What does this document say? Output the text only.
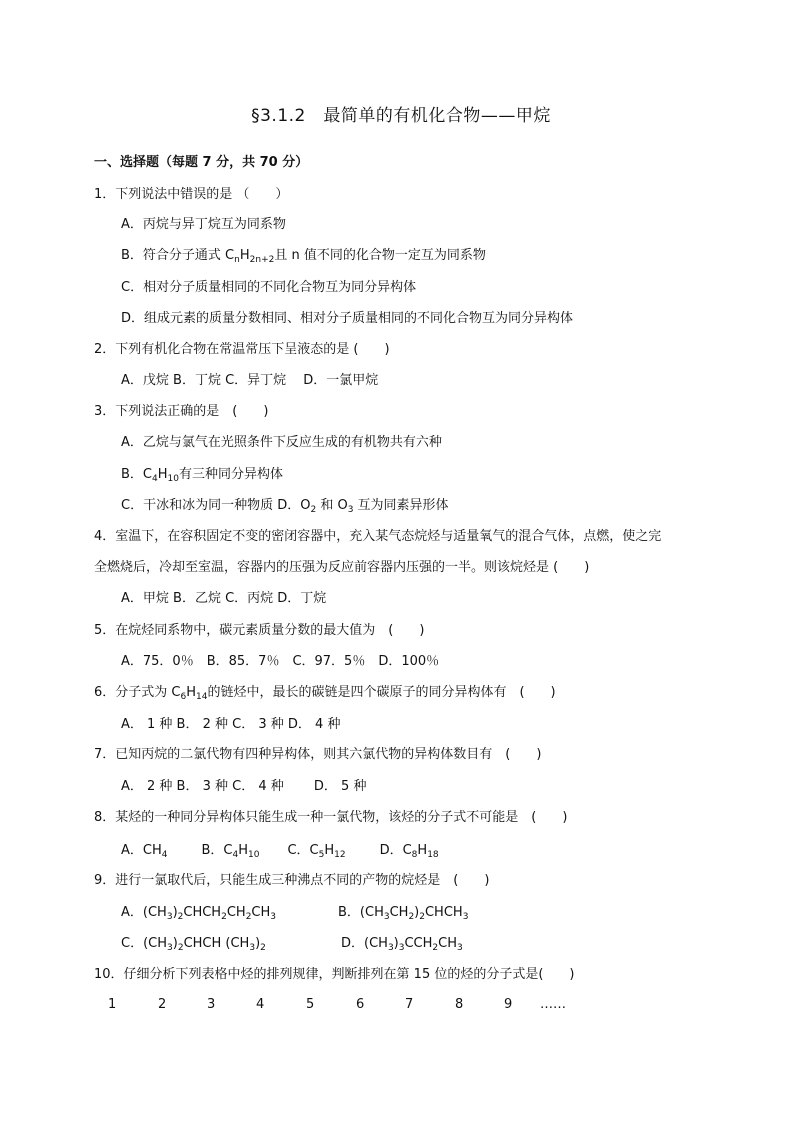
§3.1.2　最简单的有机化合物——甲烷
一、选择题（每题 7 分，共 70 分）
1．下列说法中错误的是 （　　）
A．丙烷与异丁烷互为同系物
B．符合分子通式 $C_nH_{2n+2}$且 n 值不同的化合物一定互为同系物
C．相对分子质量相同的不同化合物互为同分异构体
D．组成元素的质量分数相同、相对分子质量相同的不同化合物互为同分异构体
2．下列有机化合物在常温常压下呈液态的是 (　　)
A．戊烷 B．丁烷 C．异丁烷　 D．一氯甲烷
3．下列说法正确的是　(　　)
A．乙烷与氯气在光照条件下反应生成的有机物共有六种
B．$C_4H_{10}$有三种同分异构体
C．干冰和冰为同一种物质 D．$O_2$ 和 $O_3$ 互为同素异形体
4．室温下，在容积固定不变的密闭容器中，充入某气态烷烃与适量氧气的混合气体，点燃，使之完
全燃烧后，冷却至室温，容器内的压强为反应前容器内压强的一半。则该烷烃是 (　　)
A．甲烷 B．乙烷 C．丙烷 D．丁烷
5．在烷烃同系物中，碳元素质量分数的最大值为　(　　)
A．75．0％　B．85．7％　C．97．5％　D．100％
6．分子式为 $C_6H_{14}$的链烃中，最长的碳链是四个碳原子的同分异构体有　(　　)
A． 1 种 B． 2 种 C． 3 种 D． 4 种
7．已知丙烷的二氯代物有四种异构体，则其六氯代物的异构体数目有　(　　)
A． 2 种 B． 3 种 C． 4 种　　 D． 5 种
8．某烃的一种同分异构体只能生成一种一氯代物，该烃的分子式不可能是　(　　)
A．$CH_4$	B．$C_4H_{10}$ C．$C_5H_{12}$	D．$C_8H_{18}$
9．进行一氯取代后，只能生成三种沸点不同的产物的烷烃是　(　　)
A．$(CH_3)_2CHCH_2CH_2CH_3$	B．$(CH_3CH_2)_2CHCH_3$
C．$(CH_3)_2CHCH$ $(CH_3)_2$	D．$(CH_3)_3CCH_2CH_3$
10．仔细分析下列表格中烃的排列规律，判断排列在第 15 位的烃的分子式是(　　)
1	2	3	4	5	6	7	8	9 ……
